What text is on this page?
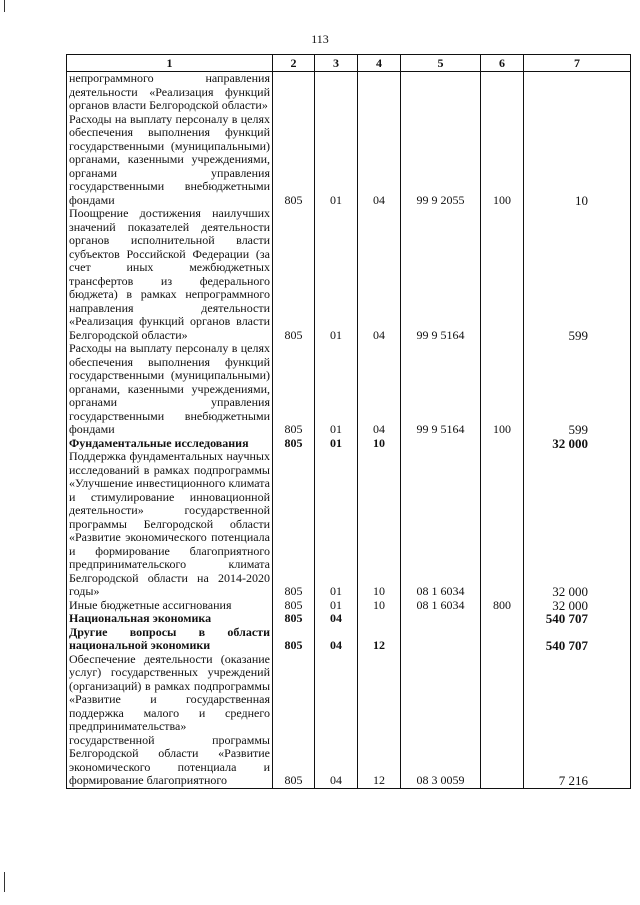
113
1	2	3	4	5	6	7
непрограммного направления деятельности «Реализация функций органов власти Белгородской области»						
Расходы на выплату персоналу в целях обеспечения выполнения функций государственными (муниципальными) органами, казенными учреждениями, органами управления государственными внебюджетными фондами	805	01	04	99 9 2055	100	10
Поощрение достижения наилучших значений показателей деятельности органов исполнительной власти субъектов Российской Федерации (за счет иных межбюджетных трансфертов из федерального бюджета) в рамках непрограммного направления деятельности «Реализация функций органов власти Белгородской области»	805	01	04	99 9 5164		599
Расходы на выплату персоналу в целях обеспечения выполнения функций государственными (муниципальными) органами, казенными учреждениями, органами управления государственными внебюджетными фондами	805	01	04	99 9 5164	100	599
Фундаментальные исследования	805	01	10			32 000
Поддержка фундаментальных научных исследований в рамках подпрограммы «Улучшение инвестиционного климата и стимулирование инновационной деятельности» государственной программы Белгородской области «Развитие экономического потенциала и формирование благоприятного предпринимательского климата Белгородской области на 2014-2020 годы»	805	01	10	08 1 6034		32 000
Иные бюджетные ассигнования	805	01	10	08 1 6034	800	32 000
Национальная экономика	805	04				540 707
Другие вопросы в области национальной экономики	805	04	12			540 707
Обеспечение деятельности (оказание услуг) государственных учреждений (организаций) в рамках подпрограммы «Развитие и государственная поддержка малого и среднего предпринимательства» государственной программы Белгородской области «Развитие экономического потенциала и формирование благоприятного	805	04	12	08 3 0059		7 216
